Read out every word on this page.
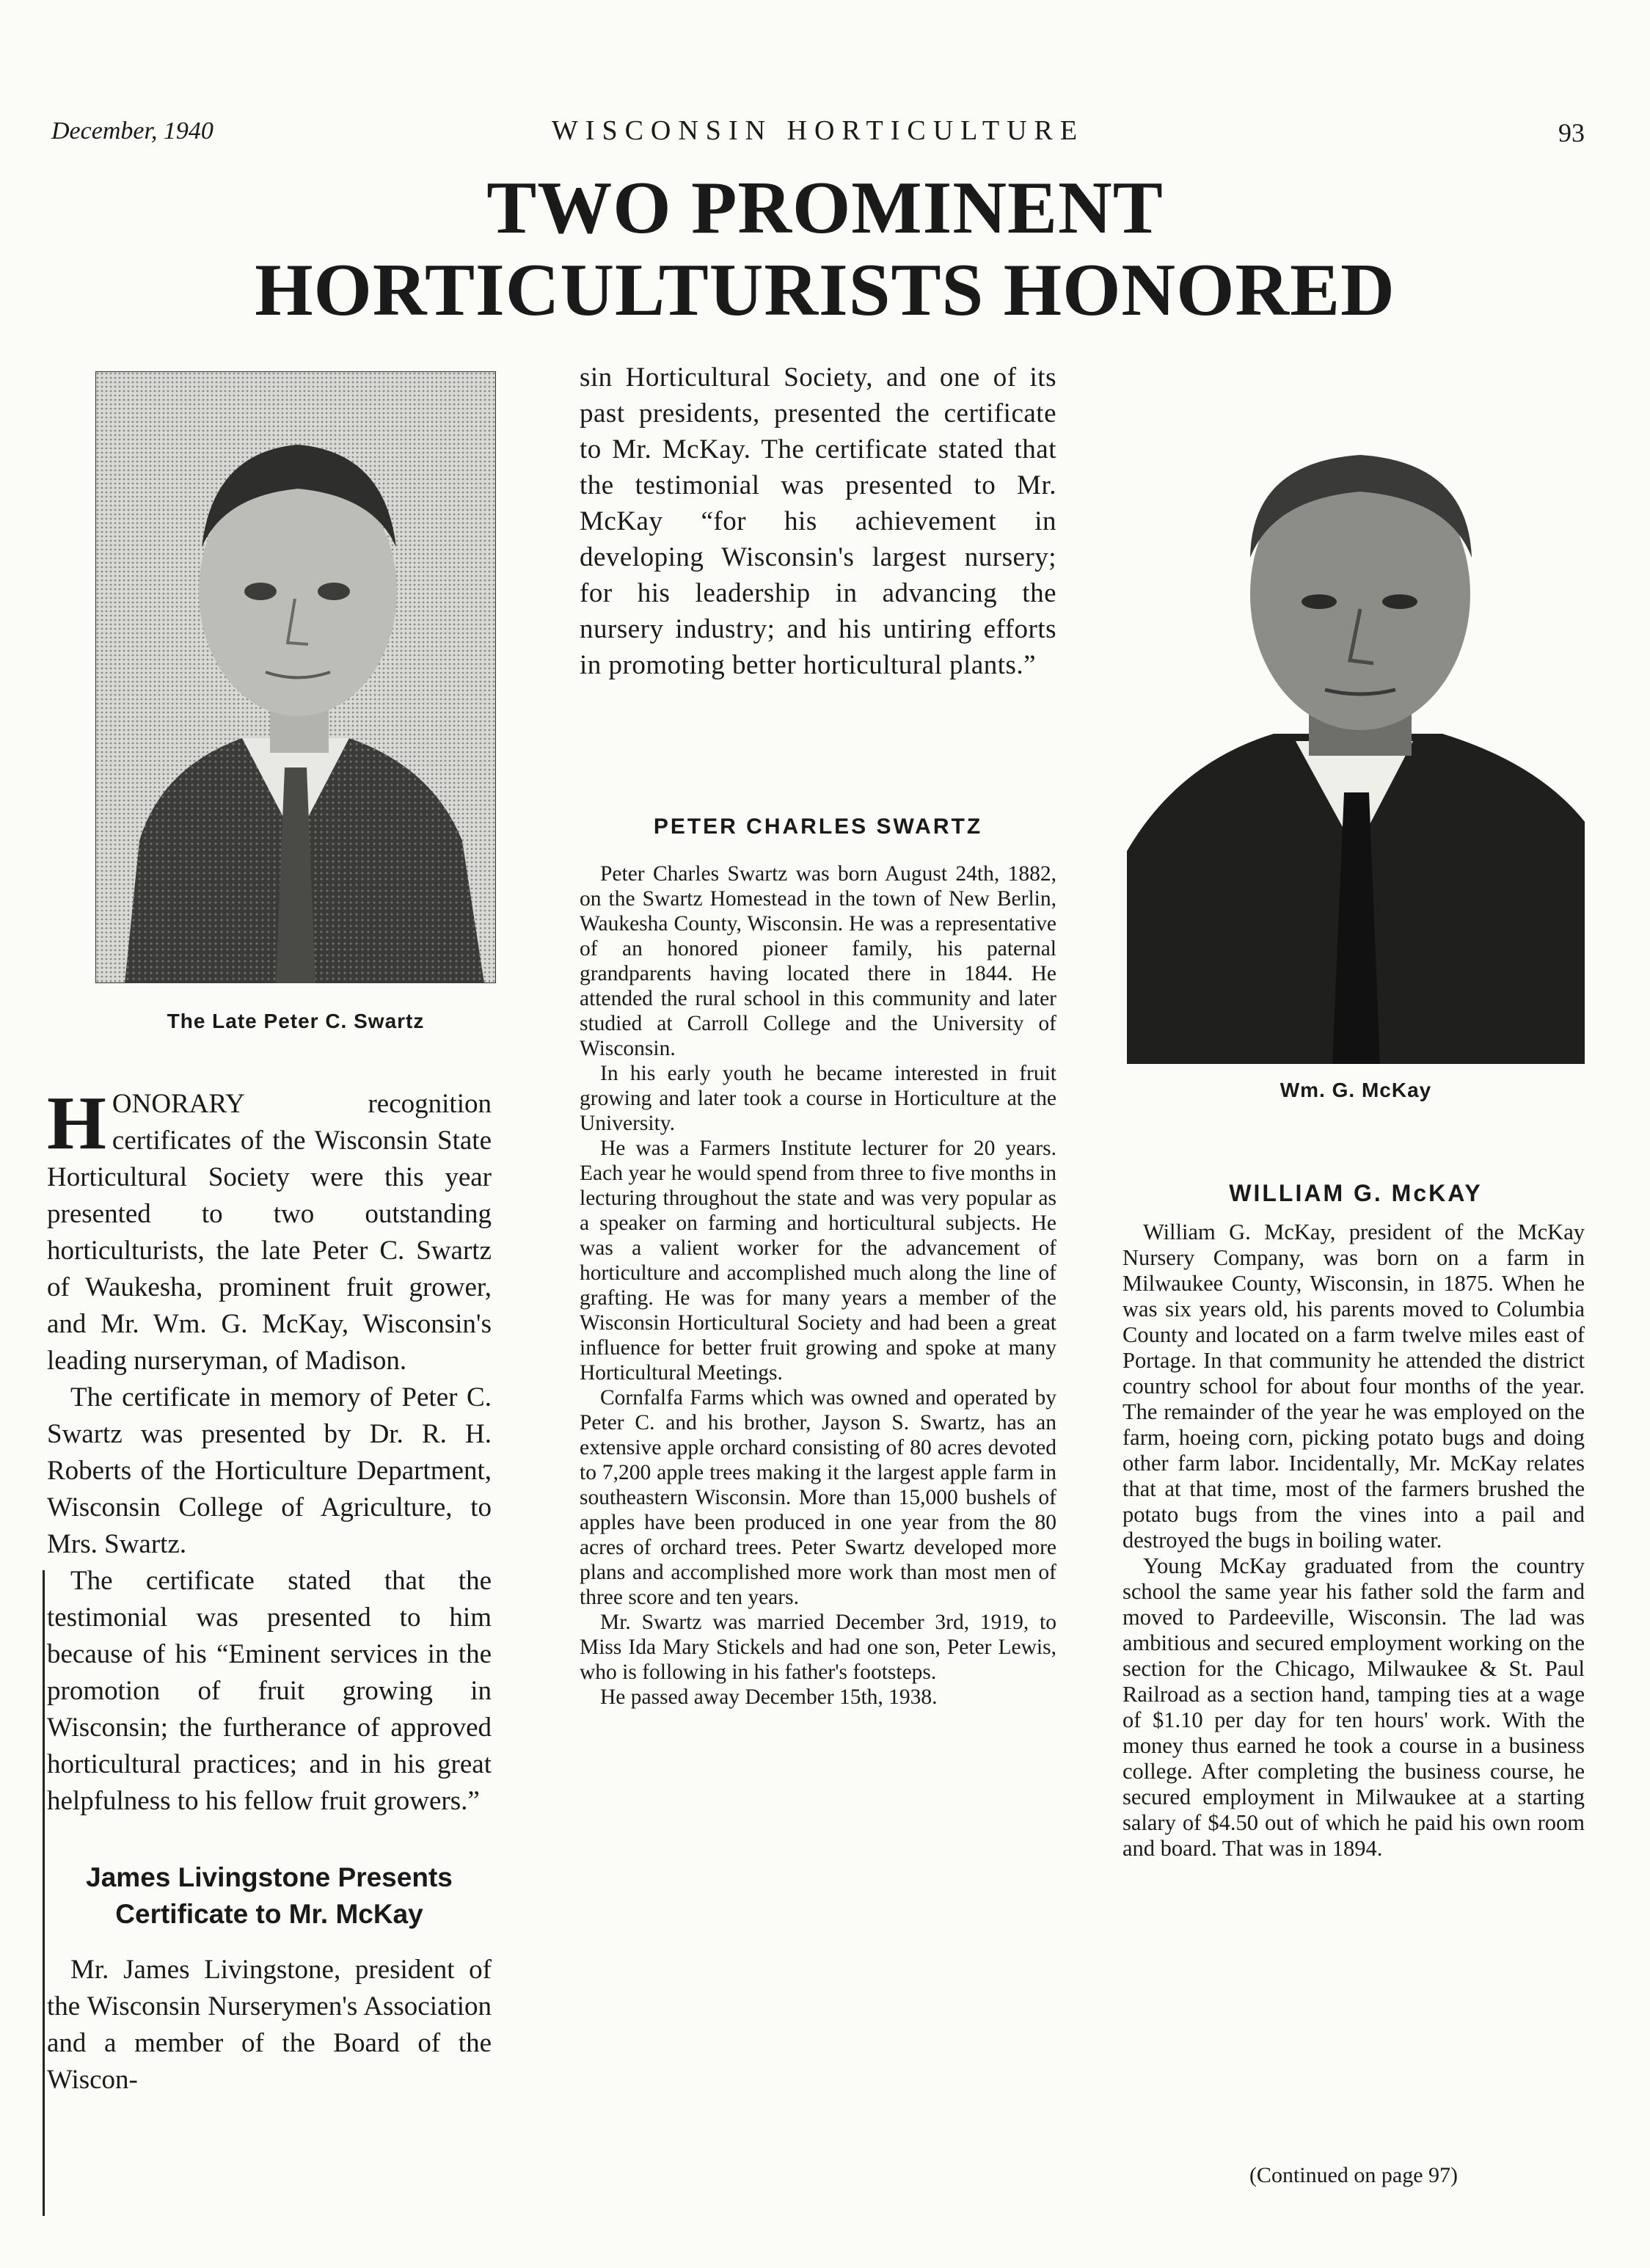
December, 1940	WISCONSIN HORTICULTURE	93
TWO PROMINENT
HORTICULTURISTS HONORED
The Late Peter C. Swartz
Wm. G. McKay

HONORARY recognition certificates of the Wisconsin State Horticultural Society were this year presented to two outstanding horticulturists, the late Peter C. Swartz of Waukesha, prominent fruit grower, and Mr. Wm. G. McKay, Wisconsin's leading nurseryman, of Madison.

The certificate in memory of Peter C. Swartz was presented by Dr. R. H. Roberts of the Horticulture Department, Wisconsin College of Agriculture, to Mrs. Swartz.

The certificate stated that the testimonial was presented to him because of his “Eminent services in the promotion of fruit growing in Wisconsin; the furtherance of approved horticultural practices; and in his great helpfulness to his fellow fruit growers.”

James Livingstone Presents
Certificate to Mr. McKay

Mr. James Livingstone, president of the Wisconsin Nurserymen's Association and a member of the Board of the Wiscon-

sin Horticultural Society, and one of its past presidents, presented the certificate to Mr. McKay. The certificate stated that the testimonial was presented to Mr. McKay “for his achievement in developing Wisconsin's largest nursery; for his leadership in advancing the nursery industry; and his untiring efforts in promoting better horticultural plants.”

PETER CHARLES SWARTZ

Peter Charles Swartz was born August 24th, 1882, on the Swartz Homestead in the town of New Berlin, Waukesha County, Wisconsin. He was a representative of an honored pioneer family, his paternal grandparents having located there in 1844. He attended the rural school in this community and later studied at Carroll College and the University of Wisconsin.

In his early youth he became interested in fruit growing and later took a course in Horticulture at the University.

He was a Farmers Institute lecturer for 20 years. Each year he would spend from three to five months in lecturing throughout the state and was very popular as a speaker on farming and horticultural subjects. He was a valient worker for the advancement of horticulture and accomplished much along the line of grafting. He was for many years a member of the Wisconsin Horticultural Society and had been a great influence for better fruit growing and spoke at many Horticultural Meetings.

Cornfalfa Farms which was owned and operated by Peter C. and his brother, Jayson S. Swartz, has an extensive apple orchard consisting of 80 acres devoted to 7,200 apple trees making it the largest apple farm in southeastern Wisconsin. More than 15,000 bushels of apples have been produced in one year from the 80 acres of orchard trees. Peter Swartz developed more plans and accomplished more work than most men of three score and ten years.

Mr. Swartz was married December 3rd, 1919, to Miss Ida Mary Stickels and had one son, Peter Lewis, who is following in his father's footsteps.

He passed away December 15th, 1938.

WILLIAM G. McKAY

William G. McKay, president of the McKay Nursery Company, was born on a farm in Milwaukee County, Wisconsin, in 1875. When he was six years old, his parents moved to Columbia County and located on a farm twelve miles east of Portage. In that community he attended the district country school for about four months of the year. The remainder of the year he was employed on the farm, hoeing corn, picking potato bugs and doing other farm labor. Incidentally, Mr. McKay relates that at that time, most of the farmers brushed the potato bugs from the vines into a pail and destroyed the bugs in boiling water.

Young McKay graduated from the country school the same year his father sold the farm and moved to Pardeeville, Wisconsin. The lad was ambitious and secured employment working on the section for the Chicago, Milwaukee & St. Paul Railroad as a section hand, tamping ties at a wage of $1.10 per day for ten hours' work. With the money thus earned he took a course in a business college. After completing the business course, he secured employment in Milwaukee at a starting salary of $4.50 out of which he paid his own room and board. That was in 1894.

(Continued on page 97)
